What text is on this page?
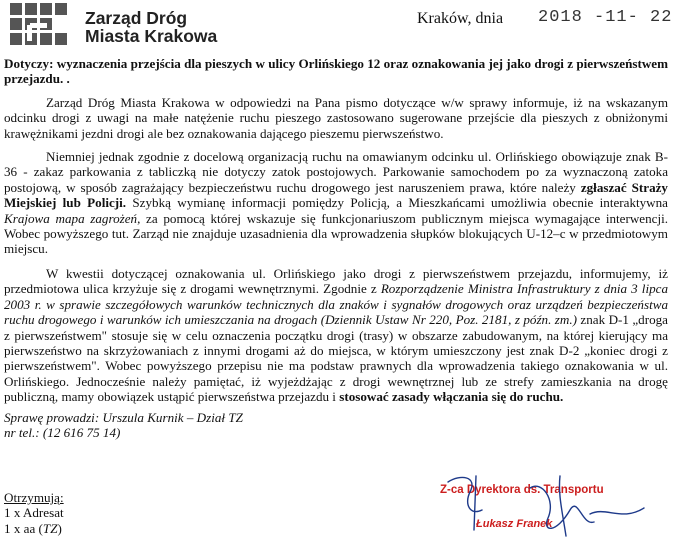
Zarząd Dróg
Miasta Krakowa
Kraków, dnia 2018 -11- 22

Dotyczy: wyznaczenia przejścia dla pieszych w ulicy Orlińskiego 12 oraz oznakowania jej jako drogi z pierwszeństwem przejazdu. .

Zarząd Dróg Miasta Krakowa w odpowiedzi na Pana pismo dotyczące w/w sprawy informuje, iż na wskazanym odcinku drogi z uwagi na małe natężenie ruchu pieszego zastosowano sugerowane przejście dla pieszych z obniżonymi krawężnikami jezdni drogi ale bez oznakowania dającego pieszemu pierwszeństwo.

Niemniej jednak zgodnie z docelową organizacją ruchu na omawianym odcinku ul. Orlińskiego obowiązuje znak B-36 - zakaz parkowania z tabliczką nie dotyczy zatok postojowych. Parkowanie samochodem po za wyznaczoną zatoka postojową, w sposób zagrażający bezpieczeństwu ruchu drogowego jest naruszeniem prawa, które należy zgłaszać Straży Miejskiej lub Policji. Szybką wymianę informacji pomiędzy Policją, a Mieszkańcami umożliwia obecnie interaktywna Krajowa mapa zagrożeń, za pomocą której wskazuje się funkcjonariuszom publicznym miejsca wymagające interwencji. Wobec powyższego tut. Zarząd nie znajduje uzasadnienia dla wprowadzenia słupków blokujących U-12–c w przedmiotowym miejscu.

W kwestii dotyczącej oznakowania ul. Orlińskiego jako drogi z pierwszeństwem przejazdu, informujemy, iż przedmiotowa ulica krzyżuje się z drogami wewnętrznymi. Zgodnie z Rozporządzenie Ministra Infrastruktury z dnia 3 lipca 2003 r. w sprawie szczegółowych warunków technicznych dla znaków i sygnałów drogowych oraz urządzeń bezpieczeństwa ruchu drogowego i warunków ich umieszczania na drogach (Dziennik Ustaw Nr 220, Poz. 2181, z późn. zm.) znak D-1 „droga z pierwszeństwem" stosuje się w celu oznaczenia początku drogi (trasy) w obszarze zabudowanym, na której kierujący ma pierwszeństwo na skrzyżowaniach z innymi drogami aż do miejsca, w którym umieszczony jest znak D-2 „koniec drogi z pierwszeństwem". Wobec powyższego przepisu nie ma podstaw prawnych dla wprowadzenia takiego oznakowania w ul. Orlińskiego. Jednocześnie należy pamiętać, iż wyjeżdżając z drogi wewnętrznej lub ze strefy zamieszkania na drogę publiczną, mamy obowiązek ustąpić pierwszeństwa przejazdu i stosować zasady włączania się do ruchu.

Sprawę prowadzi: Urszula Kurnik – Dział TZ

nr tel.: (12 616 75 14)

Otrzymują:
1 x Adresat
1 x aa (TZ)
Z-ca Dyrektora ds. Transportu
Łukasz Franek
